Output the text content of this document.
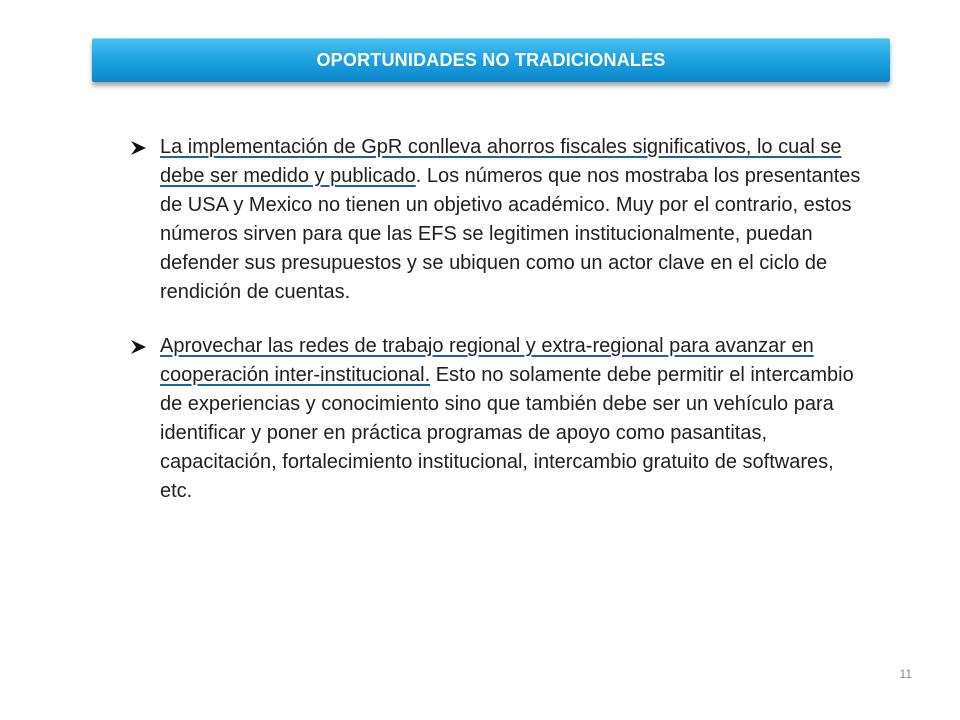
OPORTUNIDADES NO TRADICIONALES
La implementación de GpR conlleva ahorros fiscales significativos, lo cual se debe ser medido y publicado. Los números que nos mostraba los presentantes de USA y Mexico no tienen un objetivo académico. Muy por el contrario, estos números sirven para que las EFS se legitimen institucionalmente, puedan defender sus presupuestos y se ubiquen como un actor clave en el ciclo de rendición de cuentas.
Aprovechar las redes de trabajo regional y extra-regional para avanzar en cooperación inter-institucional. Esto no solamente debe permitir el intercambio de experiencias y conocimiento sino que también debe ser un vehículo para identificar y poner en práctica programas de apoyo como pasantitas, capacitación, fortalecimiento institucional, intercambio gratuito de softwares, etc.
11
